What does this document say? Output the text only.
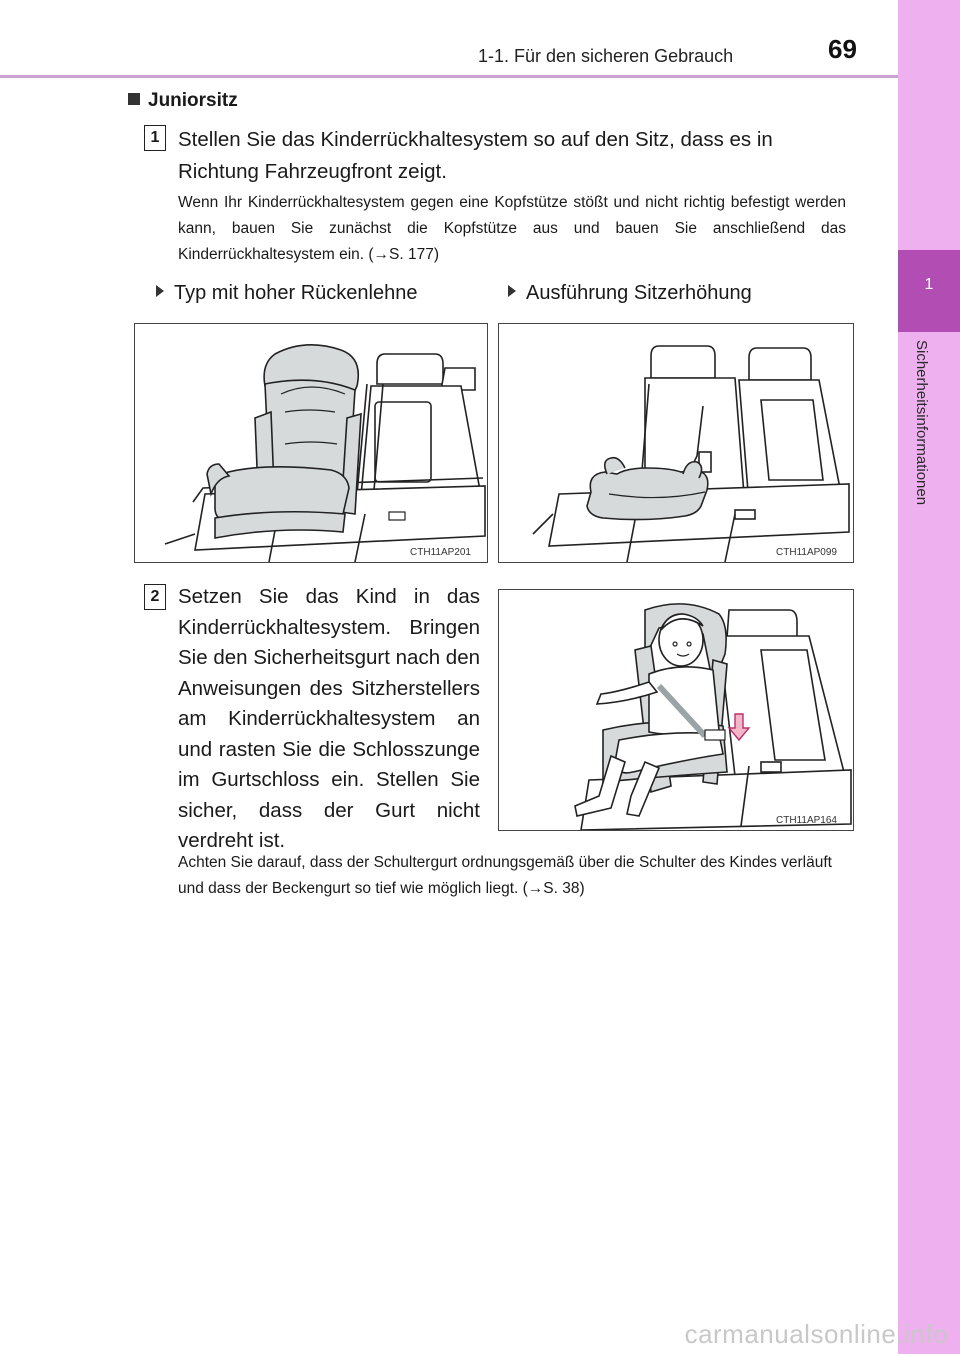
1-1. Für den sicheren Gebrauch	69
1
Sicherheitsinformationen
Juniorsitz
1 Stellen Sie das Kinderrückhaltesystem so auf den Sitz, dass es in Richtung Fahrzeugfront zeigt.
Wenn Ihr Kinderrückhaltesystem gegen eine Kopfstütze stößt und nicht richtig befestigt werden kann, bauen Sie zunächst die Kopfstütze aus und bauen Sie anschließend das Kinderrückhaltesystem ein. (→S. 177)
Typ mit hoher Rückenlehne	Ausführung Sitzerhöhung
CTH11AP201	CTH11AP099
2 Setzen Sie das Kind in das Kinderrückhaltesystem. Bringen Sie den Sicherheitsgurt nach den Anweisungen des Sitzherstellers am Kinderrückhaltesystem an und rasten Sie die Schlosszunge im Gurtschloss ein. Stellen Sie sicher, dass der Gurt nicht verdreht ist.
CTH11AP164
Achten Sie darauf, dass der Schultergurt ordnungsgemäß über die Schulter des Kindes verläuft und dass der Beckengurt so tief wie möglich liegt. (→S. 38)
carmanualsonline.info
